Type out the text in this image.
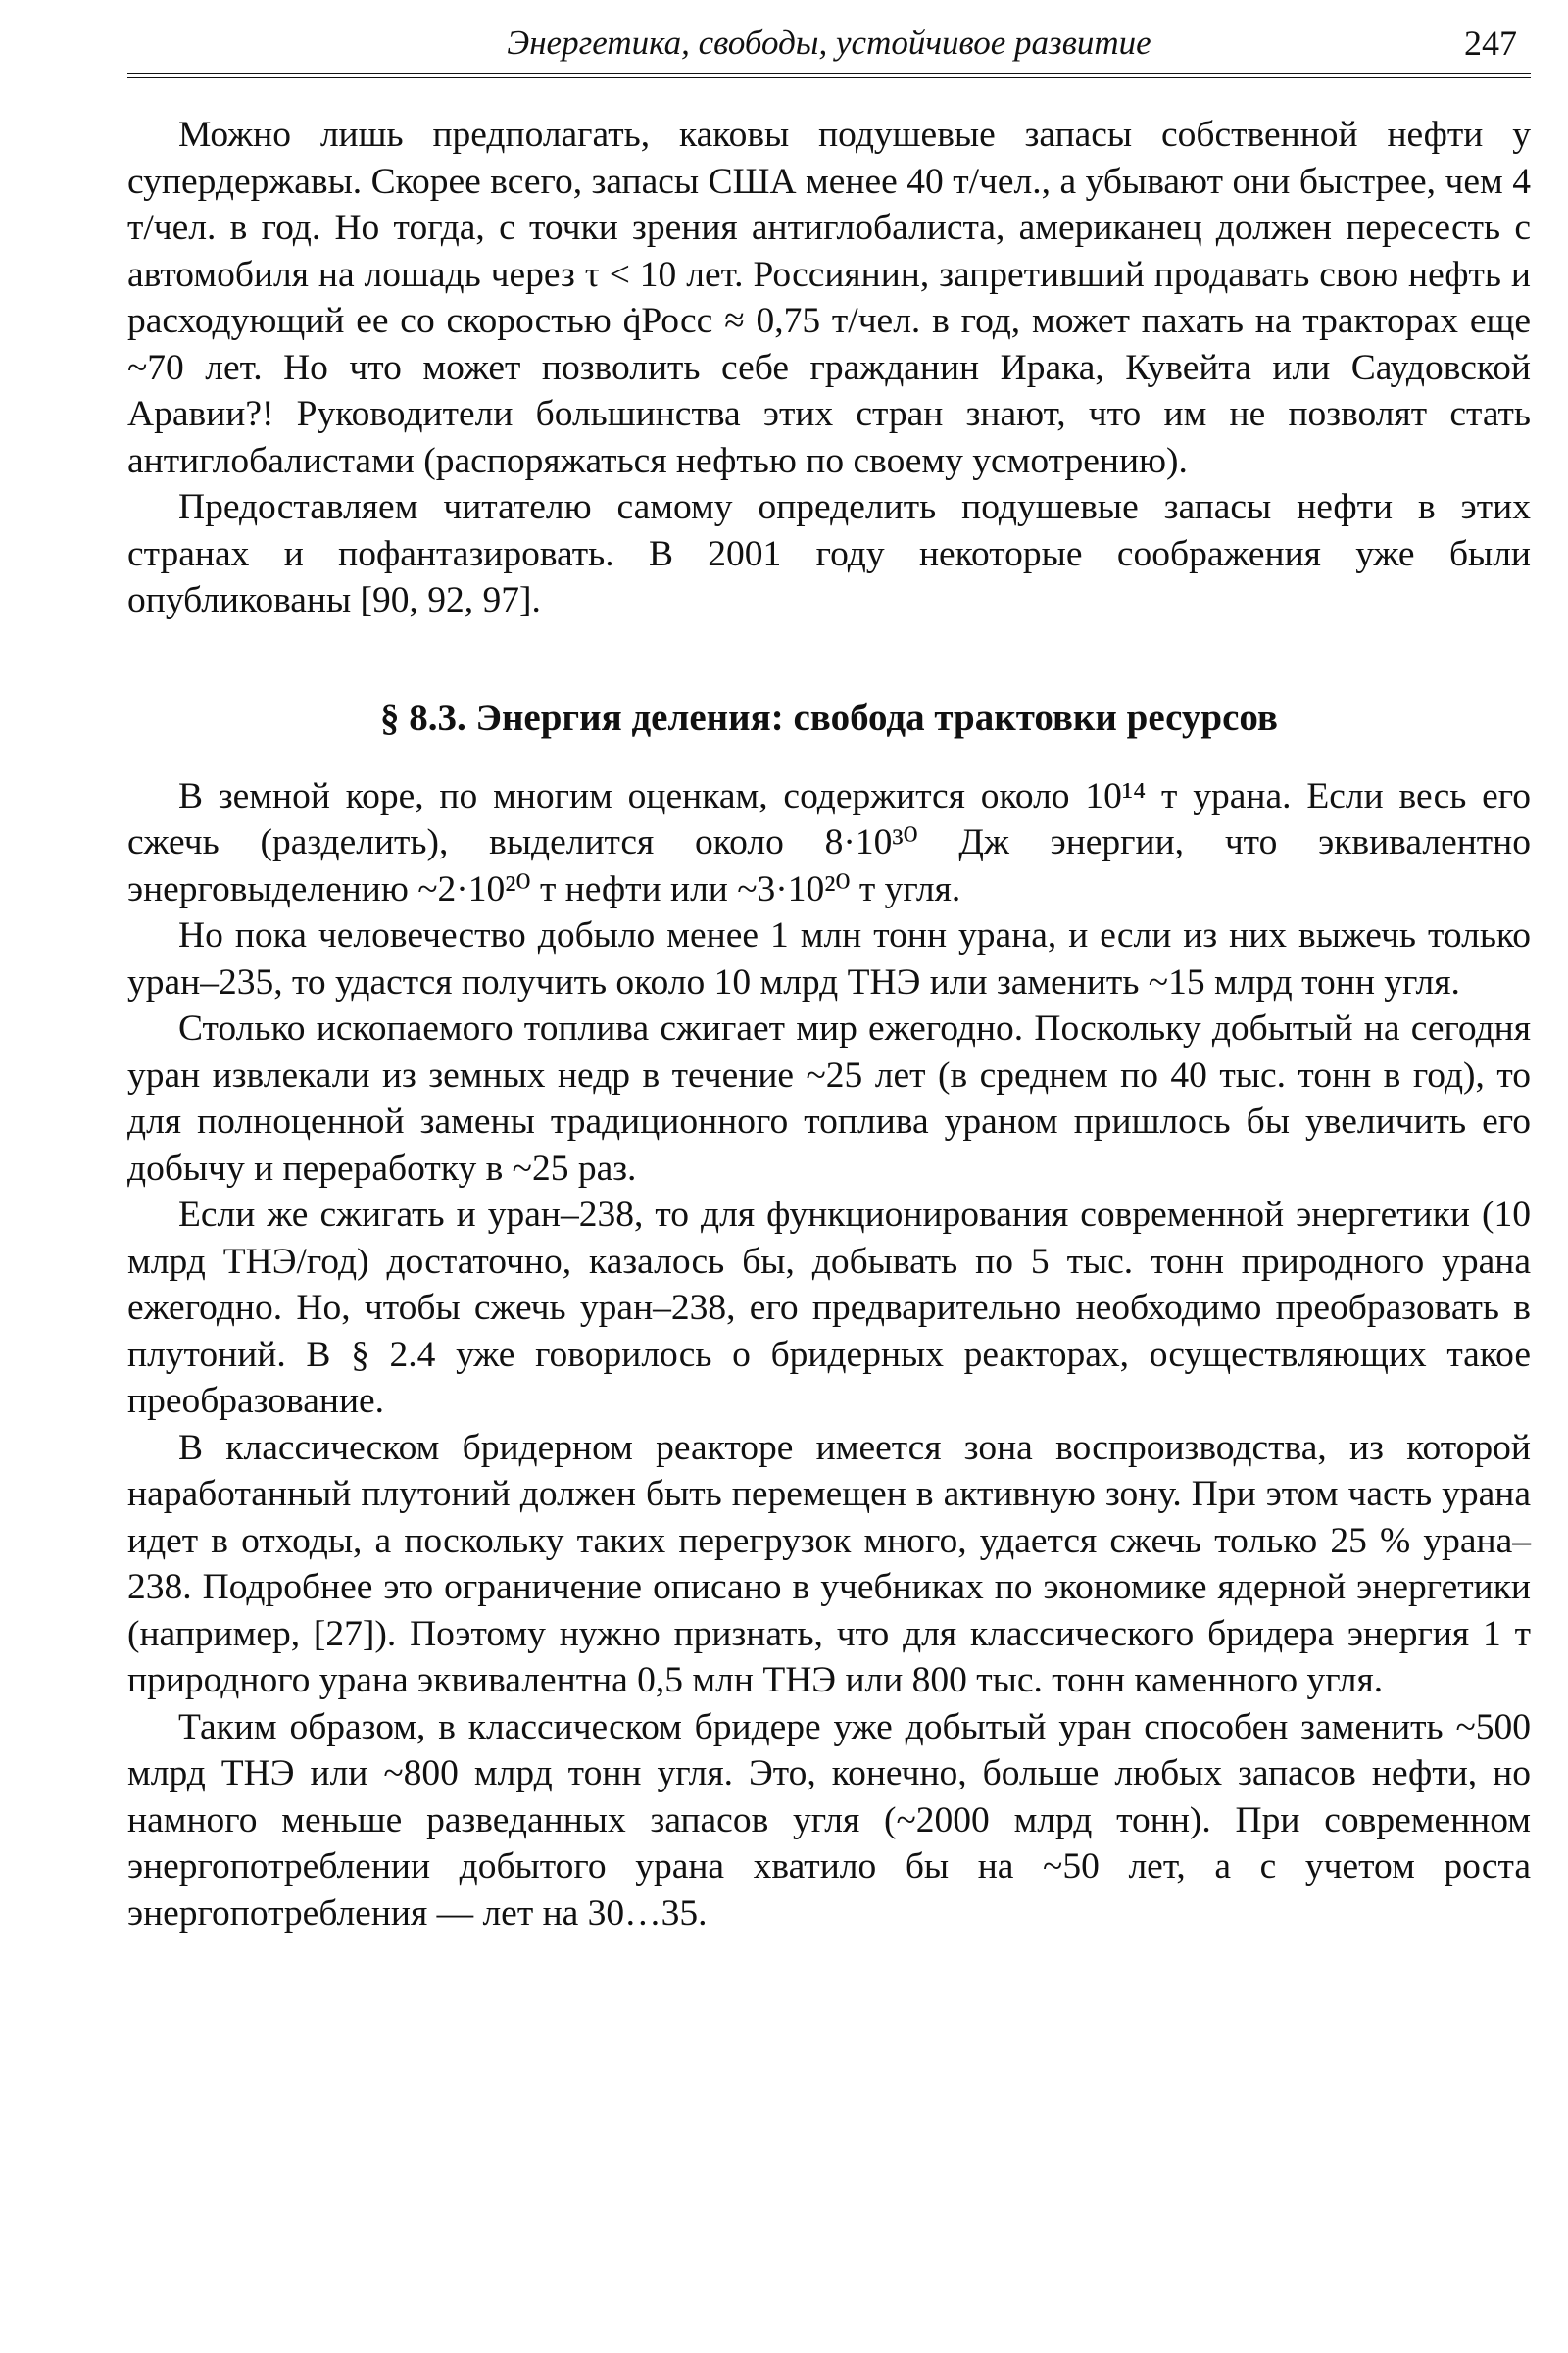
Энергетика, свободы, устойчивое развитие	247

Можно лишь предполагать, каковы подушевые запасы собственной нефти у супердержавы. Скорее всего, запасы США менее 40 т/чел., а убывают они быстрее, чем 4 т/чел. в год. Но тогда, с точки зрения антиглобалиста, американец должен пересесть с автомобиля на лошадь через τ < 10 лет. Россиянин, запретивший продавать свою нефть и расходующий ее со скоростью q̇Росс ≈ 0,75 т/чел. в год, может пахать на тракторах еще ~70 лет. Но что может позволить себе гражданин Ирака, Кувейта или Саудовской Аравии?! Руководители большинства этих стран знают, что им не позволят стать антиглобалистами (распоряжаться нефтью по своему усмотрению).

Предоставляем читателю самому определить подушевые запасы нефти в этих странах и пофантазировать. В 2001 году некоторые соображения уже были опубликованы [90, 92, 97].

§ 8.3. Энергия деления: свобода трактовки ресурсов

В земной коре, по многим оценкам, содержится около 10¹⁴ т урана. Если весь его сжечь (разделить), выделится около 8·10³⁰ Дж энергии, что эквивалентно энерговыделению ~2·10²⁰ т нефти или ~3·10²⁰ т угля.

Но пока человечество добыло менее 1 млн тонн урана, и если из них выжечь только уран–235, то удастся получить около 10 млрд ТНЭ или заменить ~15 млрд тонн угля.

Столько ископаемого топлива сжигает мир ежегодно. Поскольку добытый на сегодня уран извлекали из земных недр в течение ~25 лет (в среднем по 40 тыс. тонн в год), то для полноценной замены традиционного топлива ураном пришлось бы увеличить его добычу и переработку в ~25 раз.

Если же сжигать и уран–238, то для функционирования современной энергетики (10 млрд ТНЭ/год) достаточно, казалось бы, добывать по 5 тыс. тонн природного урана ежегодно. Но, чтобы сжечь уран–238, его предварительно необходимо преобразовать в плутоний. В § 2.4 уже говорилось о бридерных реакторах, осуществляющих такое преобразование.

В классическом бридерном реакторе имеется зона воспроизводства, из которой наработанный плутоний должен быть перемещен в активную зону. При этом часть урана идет в отходы, а поскольку таких перегрузок много, удается сжечь только 25 % урана–238. Подробнее это ограничение описано в учебниках по экономике ядерной энергетики (например, [27]). Поэтому нужно признать, что для классического бридера энергия 1 т природного урана эквивалентна 0,5 млн ТНЭ или 800 тыс. тонн каменного угля.

Таким образом, в классическом бридере уже добытый уран способен заменить ~500 млрд ТНЭ или ~800 млрд тонн угля. Это, конечно, больше любых запасов нефти, но намного меньше разведанных запасов угля (~2000 млрд тонн). При современном энергопотреблении добытого урана хватило бы на ~50 лет, а с учетом роста энергопотребления — лет на 30…35.
